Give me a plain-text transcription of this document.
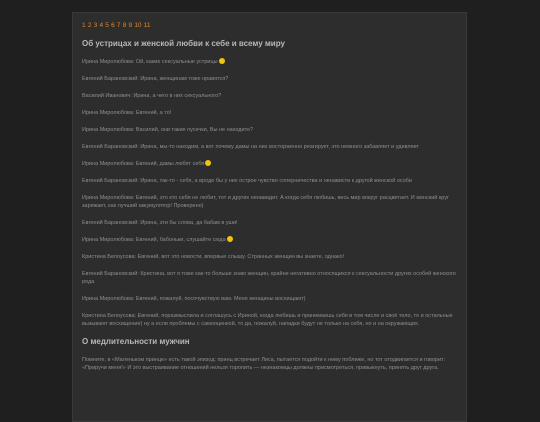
1 2 3 4 5 6 7 8 9 10 11
Об устрицах и женской любви к себе и всему миру

Ирина Миролюбова: Ой, какие сексуальные устрицы

Евгений Барановский: Ирина, женщинам тоже нравятся?

Василий Иванович: Ирина, а чего в них сексуального?

Ирина Миролюбова: Евгений, а то!

Ирина Миролюбова: Василий, они такие пусечки, Вы не находите?

Евгений Барановский: Ирина, мы-то находим, а вот почему дамы на них восторженно реагирует, это немного забавляет и удивляет

Ирина Миролюбова: Евгений, дамы любят себя

Евгений Барановский: Ирина, так-то - себя, а вроде бы у них острое чувство соперничества и ненависти к другой женской особи

Ирина Миролюбова: Евгений, это кто себя не любит, тот и других ненавидит. А когда себя любишь, весь мир вокруг расцветает. И женский круг заряжает, как лучший аккумулятор! Проверено)

Евгений Барановский: Ирина, эти бы слова, да бабам в уши!

Ирина Миролюбова: Евгений, бабоньки, слушайте сюда

Кристина Белоусова: Евгений, вот это новости, впервые слышу. Странных женщин вы знаете, однако!

Евгений Барановский: Кристина, вот я тоже как-то больше знаю женщин, крайне негативно относящихся к сексуальности других особей женского рода

Ирина Миролюбова: Евгений, пожалуй, посочувствую вам. Меня женщины восхищают)

Кристина Белоусова: Евгений, поразмыслила и соглашусь с Ириной, когда любишь и принимаешь себя в том числе и своё тело, то и остальные вызывают восхищение) ну а если проблемы с самооценкой, то да, пожалуй, нападки будут не только на себя, но и на окружающих.

О медлительности мужчин

Помните, в «Маленьком принце» есть такой эпизод: принц встречает Лиса, пытается подойти к нему поближе, но тот отодвигается и говорит: «Приручи меня!» И это выстраивание отношений нельзя торопить — незнакомцы должны присмотреться, привыкнуть, принять друг друга.
